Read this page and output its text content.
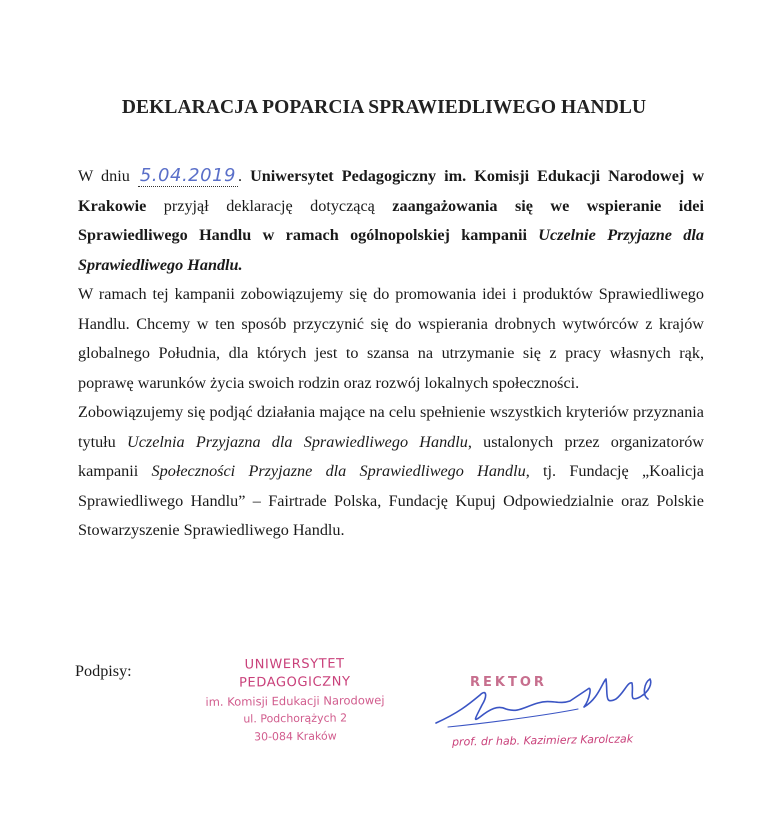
DEKLARACJA POPARCIA SPRAWIEDLIWEGO HANDLU

W dniu 5.04.2019 . Uniwersytet Pedagogiczny im. Komisji Edukacji Narodowej w Krakowie przyjął deklarację dotyczącą zaangażowania się we wspieranie idei Sprawiedliwego Handlu w ramach ogólnopolskiej kampanii Uczelnie Przyjazne dla Sprawiedliwego Handlu.

W ramach tej kampanii zobowiązujemy się do promowania idei i produktów Sprawiedliwego Handlu. Chcemy w ten sposób przyczynić się do wspierania drobnych wytwórców z krajów globalnego Południa, dla których jest to szansa na utrzymanie się z pracy własnych rąk, poprawę warunków życia swoich rodzin oraz rozwój lokalnych społeczności.

Zobowiązujemy się podjąć działania mające na celu spełnienie wszystkich kryteriów przyznania tytułu Uczelnia Przyjazna dla Sprawiedliwego Handlu, ustalonych przez organizatorów kampanii Społeczności Przyjazne dla Sprawiedliwego Handlu, tj. Fundację „Koalicja Sprawiedliwego Handlu” – Fairtrade Polska, Fundację Kupuj Odpowiedzialnie oraz Polskie Stowarzyszenie Sprawiedliwego Handlu.

Podpisy:	UNIWERSYTET PEDAGOGICZNY
im. Komisji Edukacji Narodowej
ul. Podchorążych 2
30-084 Kraków
REKTOR
prof. dr hab. Kazimierz Karolczak
